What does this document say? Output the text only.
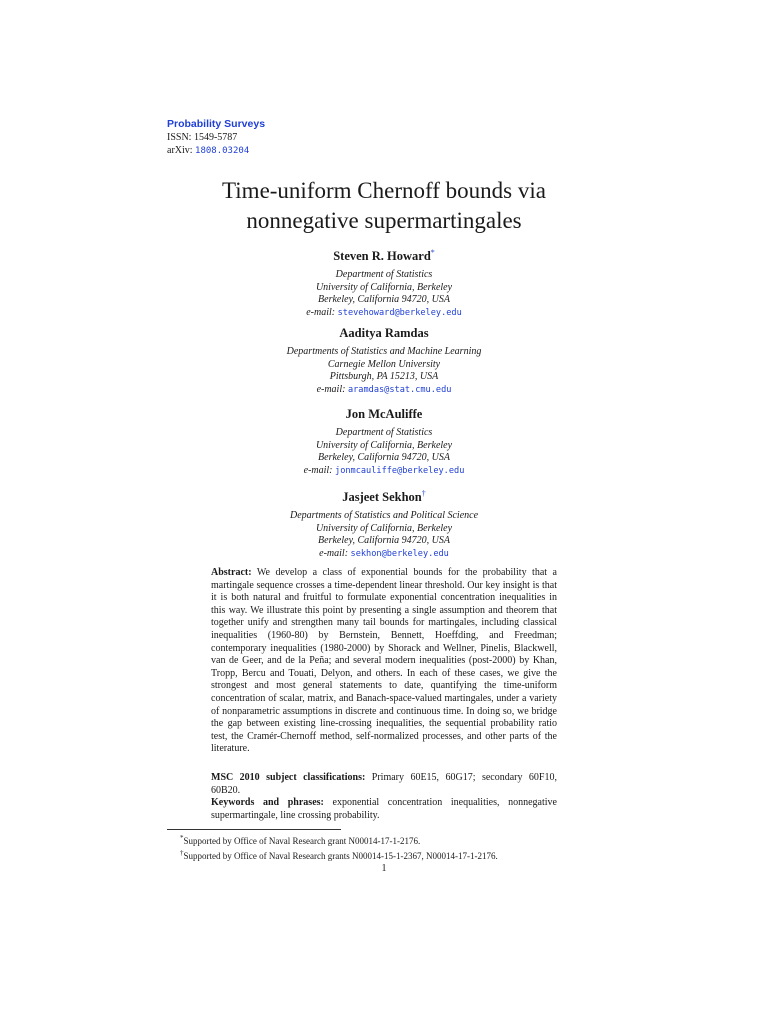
Probability Surveys
ISSN: 1549-5787
arXiv: 1808.03204
Time-uniform Chernoff bounds via
nonnegative supermartingales
Steven R. Howard*
Department of Statistics
University of California, Berkeley
Berkeley, California 94720, USA
e-mail: stevehoward@berkeley.edu
Aaditya Ramdas
Departments of Statistics and Machine Learning
Carnegie Mellon University
Pittsburgh, PA 15213, USA
e-mail: aramdas@stat.cmu.edu
Jon McAuliffe
Department of Statistics
University of California, Berkeley
Berkeley, California 94720, USA
e-mail: jonmcauliffe@berkeley.edu
Jasjeet Sekhon†
Departments of Statistics and Political Science
University of California, Berkeley
Berkeley, California 94720, USA
e-mail: sekhon@berkeley.edu
Abstract: We develop a class of exponential bounds for the probability that a martingale sequence crosses a time-dependent linear threshold. Our key insight is that it is both natural and fruitful to formulate exponential concentration inequalities in this way. We illustrate this point by presenting a single assumption and theorem that together unify and strengthen many tail bounds for martingales, including classical inequalities (1960-80) by Bernstein, Bennett, Hoeffding, and Freedman; contemporary inequalities (1980-2000) by Shorack and Wellner, Pinelis, Blackwell, van de Geer, and de la Peña; and several modern inequalities (post-2000) by Khan, Tropp, Bercu and Touati, Delyon, and others. In each of these cases, we give the strongest and most general statements to date, quantifying the time-uniform concentration of scalar, matrix, and Banach-space-valued martingales, under a variety of nonparametric assumptions in discrete and continuous time. In doing so, we bridge the gap between existing line-crossing inequalities, the sequential probability ratio test, the Cramér-Chernoff method, self-normalized processes, and other parts of the literature.
MSC 2010 subject classifications: Primary 60E15, 60G17; secondary 60F10, 60B20.
Keywords and phrases: exponential concentration inequalities, nonnegative supermartingale, line crossing probability.
*Supported by Office of Naval Research grant N00014-17-1-2176.
†Supported by Office of Naval Research grants N00014-15-1-2367, N00014-17-1-2176.
1
